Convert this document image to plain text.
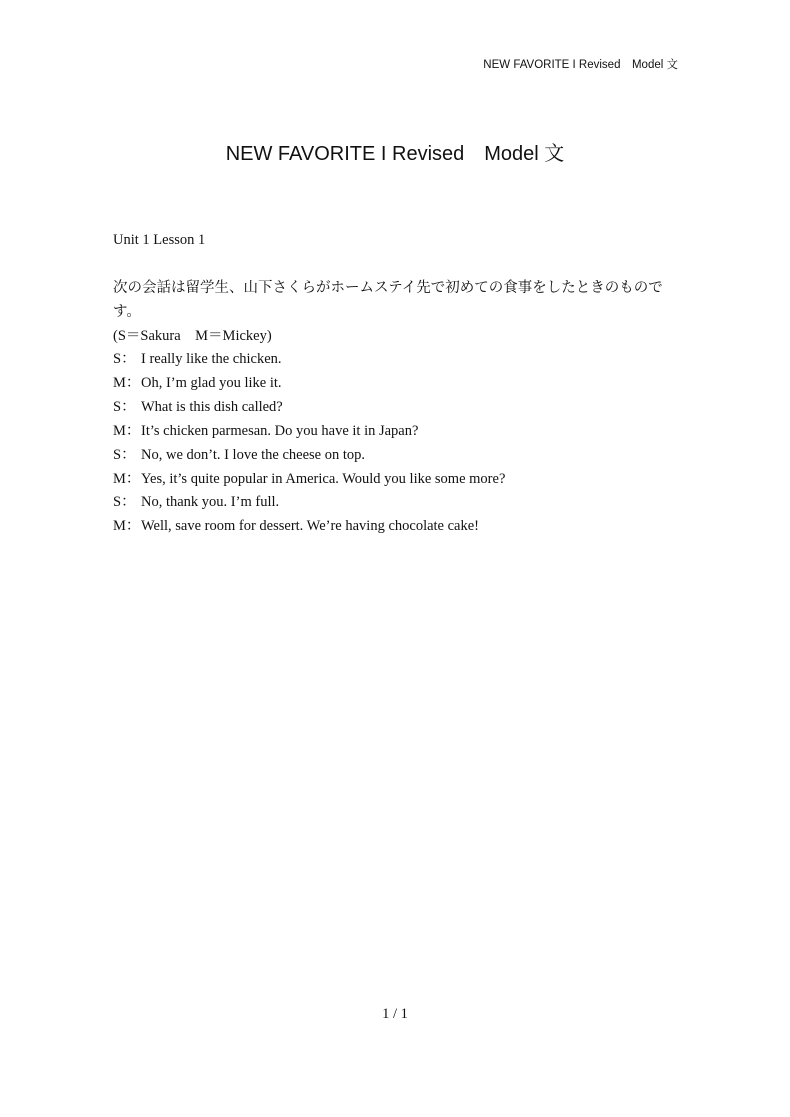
NEW FAVORITE I Revised　Model 文
NEW FAVORITE I Revised　Model 文
Unit 1 Lesson 1
次の会話は留学生、山下さくらがホームステイ先で初めての食事をしたときのものです。
(S＝Sakura　M＝Mickey)
S： I really like the chicken.
M： Oh, I’m glad you like it.
S： What is this dish called?
M： It’s chicken parmesan. Do you have it in Japan?
S： No, we don’t. I love the cheese on top.
M： Yes, it’s quite popular in America. Would you like some more?
S： No, thank you. I’m full.
M： Well, save room for dessert. We’re having chocolate cake!
1 / 1
